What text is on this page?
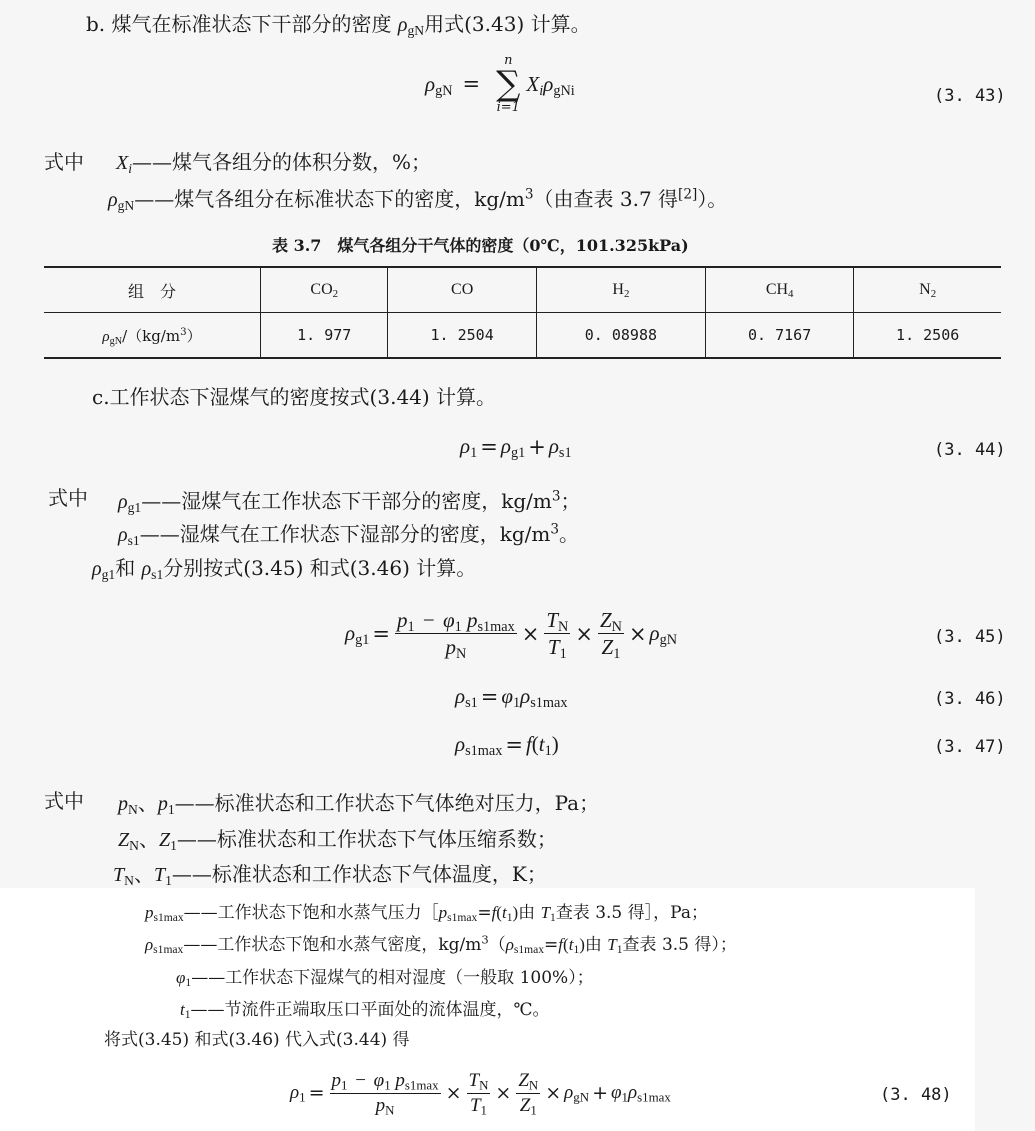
b. 煤气在标准状态下干部分的密度 $\rho_{gN}$用式(3.43) 计算。
$\rho_{gN}$ =
n
∑
i=1
$X_i\rho_{gNi}$	(3. 43)
式中 $X_i——$煤气各组分的体积分数，%；
$\rho_{gN}——$煤气各组分在标准状态下的密度，$kg/m^3$（由查表 3.7 得[2]）。
表 3.7　煤气各组分干气体的密度（0℃，101.325kPa)
组　分	$CO_2$	CO	$H_2$	$CH_4$	$N_2$
$\rho_{gN}/(kg/m^3)$	1. 977	1. 2504	0. 08988	0. 7167	1. 2506
c.工作状态下湿煤气的密度按式(3.44) 计算。
$\rho_1 = \rho_{g1} + \rho_{s1}$	(3. 44)
式中 $\rho_{g1}——$湿煤气在工作状态下干部分的密度，$kg/m^3$；
$\rho_{s1}——$湿煤气在工作状态下湿部分的密度，$kg/m^3$。
$\rho_{g1}$和 $\rho_{s1}$分别按式(3.45) 和式(3.46) 计算。
$\rho_{g1} = \frac{p_1 - \varphi_1 p_{s1max}}{p_N} \times \frac{T_N}{T_1} \times \frac{Z_N}{Z_1} \times \rho_{gN}$	(3. 45)
$\rho_{s1} = \varphi_1\rho_{s1max}$	(3. 46)
$\rho_{s1max} = f$ ( $t_1$ )	(3. 47)
式中 $p_N$、$p_1——$标准状态和工作状态下气体绝对压力，Pa；
$Z_N$、$Z_1——$标准状态和工作状态下气体压缩系数；
$T_N$、$T_1——$标准状态和工作状态下气体温度，K；
$p_{s1max}——$工作状态下饱和水蒸气压力$[p_{s1max}=f(t_1)$由 $T_1$查表 3.5 得］，Pa；
$\rho_{s1max}——$工作状态下饱和水蒸气密度，$kg/m^3(\rho_{s1max}=f(t_1)$由 $T_1$查表 3.5 得）；
$\varphi_1——$工作状态下湿煤气的相对湿度（一般取 100%）；
$t_1——$节流件正端取压口平面处的流体温度，℃。
将式(3.45) 和式(3.46) 代入式(3.44) 得
$\rho_1 = \frac{p_1 - \varphi_1 p_{s1max}}{p_N} \times \frac{T_N}{T_1} \times \frac{Z_N}{Z_1} \times \rho_{gN} + \varphi_1\rho_{s1max}$	(3. 48)
